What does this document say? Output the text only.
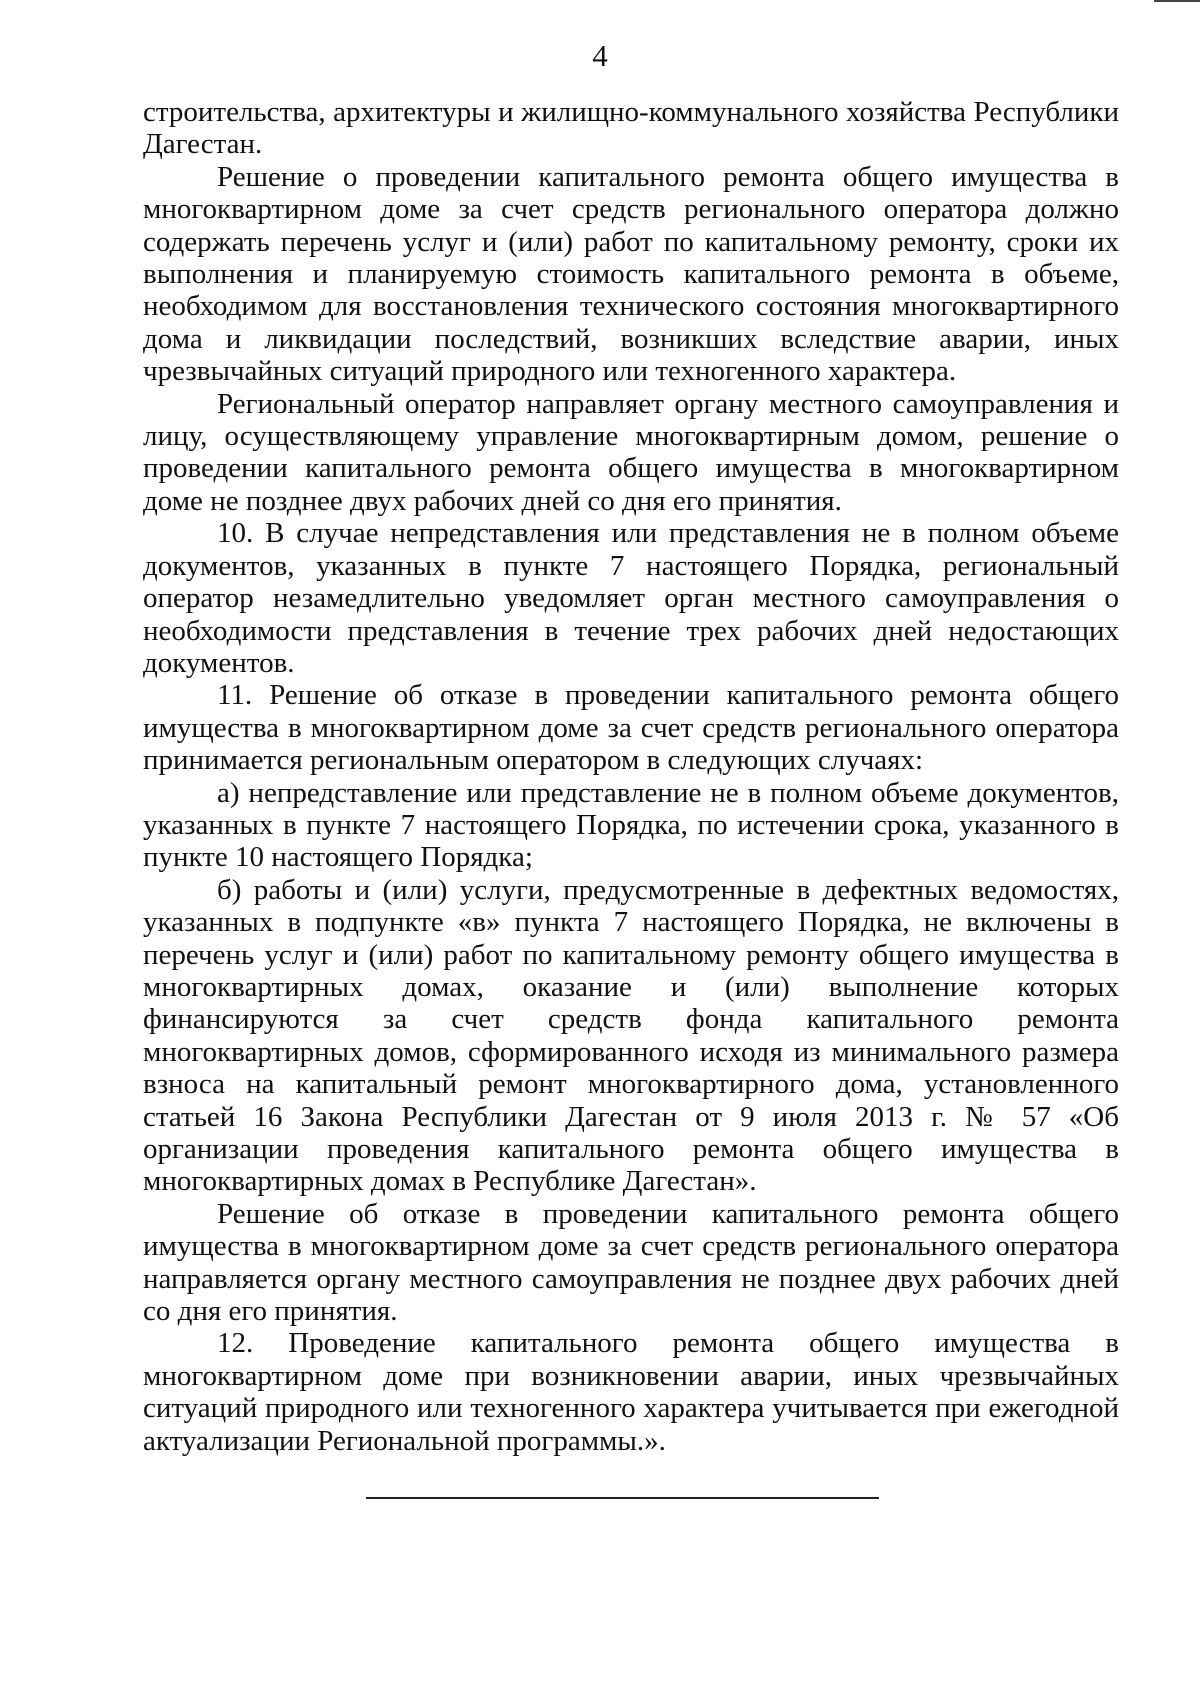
4

строительства, архитектуры и жилищно-коммунального хозяйства Республики Дагестан.

Решение о проведении капитального ремонта общего имущества в многоквартирном доме за счет средств регионального оператора должно содержать перечень услуг и (или) работ по капитальному ремонту, сроки их выполнения и планируемую стоимость капитального ремонта в объеме, необходимом для восстановления технического состояния многоквартирного дома и ликвидации последствий, возникших вследствие аварии, иных чрезвычайных ситуаций природного или техногенного характера.

Региональный оператор направляет органу местного самоуправления и лицу, осуществляющему управление многоквартирным домом, решение о проведении капитального ремонта общего имущества в многоквартирном доме не позднее двух рабочих дней со дня его принятия.

10. В случае непредставления или представления не в полном объеме документов, указанных в пункте 7 настоящего Порядка, региональный оператор незамедлительно уведомляет орган местного самоуправления о необходимости представления в течение трех рабочих дней недостающих документов.

11. Решение об отказе в проведении капитального ремонта общего имущества в многоквартирном доме за счет средств регионального оператора принимается региональным оператором в следующих случаях:

а) непредставление или представление не в полном объеме документов, указанных в пункте 7 настоящего Порядка, по истечении срока, указанного в пункте 10 настоящего Порядка;

б) работы и (или) услуги, предусмотренные в дефектных ведомостях, указанных в подпункте «в» пункта 7 настоящего Порядка, не включены в перечень услуг и (или) работ по капитальному ремонту общего имущества в многоквартирных домах, оказание и (или) выполнение которых финансируются за счет средств фонда капитального ремонта многоквартирных домов, сформированного исходя из минимального размера взноса на капитальный ремонт многоквартирного дома, установленного статьей 16 Закона Республики Дагестан от 9 июля 2013 г. № 57 «Об организации проведения капитального ремонта общего имущества в многоквартирных домах в Республике Дагестан».

Решение об отказе в проведении капитального ремонта общего имущества в многоквартирном доме за счет средств регионального оператора направляется органу местного самоуправления не позднее двух рабочих дней со дня его принятия.

12. Проведение капитального ремонта общего имущества в многоквартирном доме при возникновении аварии, иных чрезвычайных ситуаций природного или техногенного характера учитывается при ежегодной актуализации Региональной программы.».
